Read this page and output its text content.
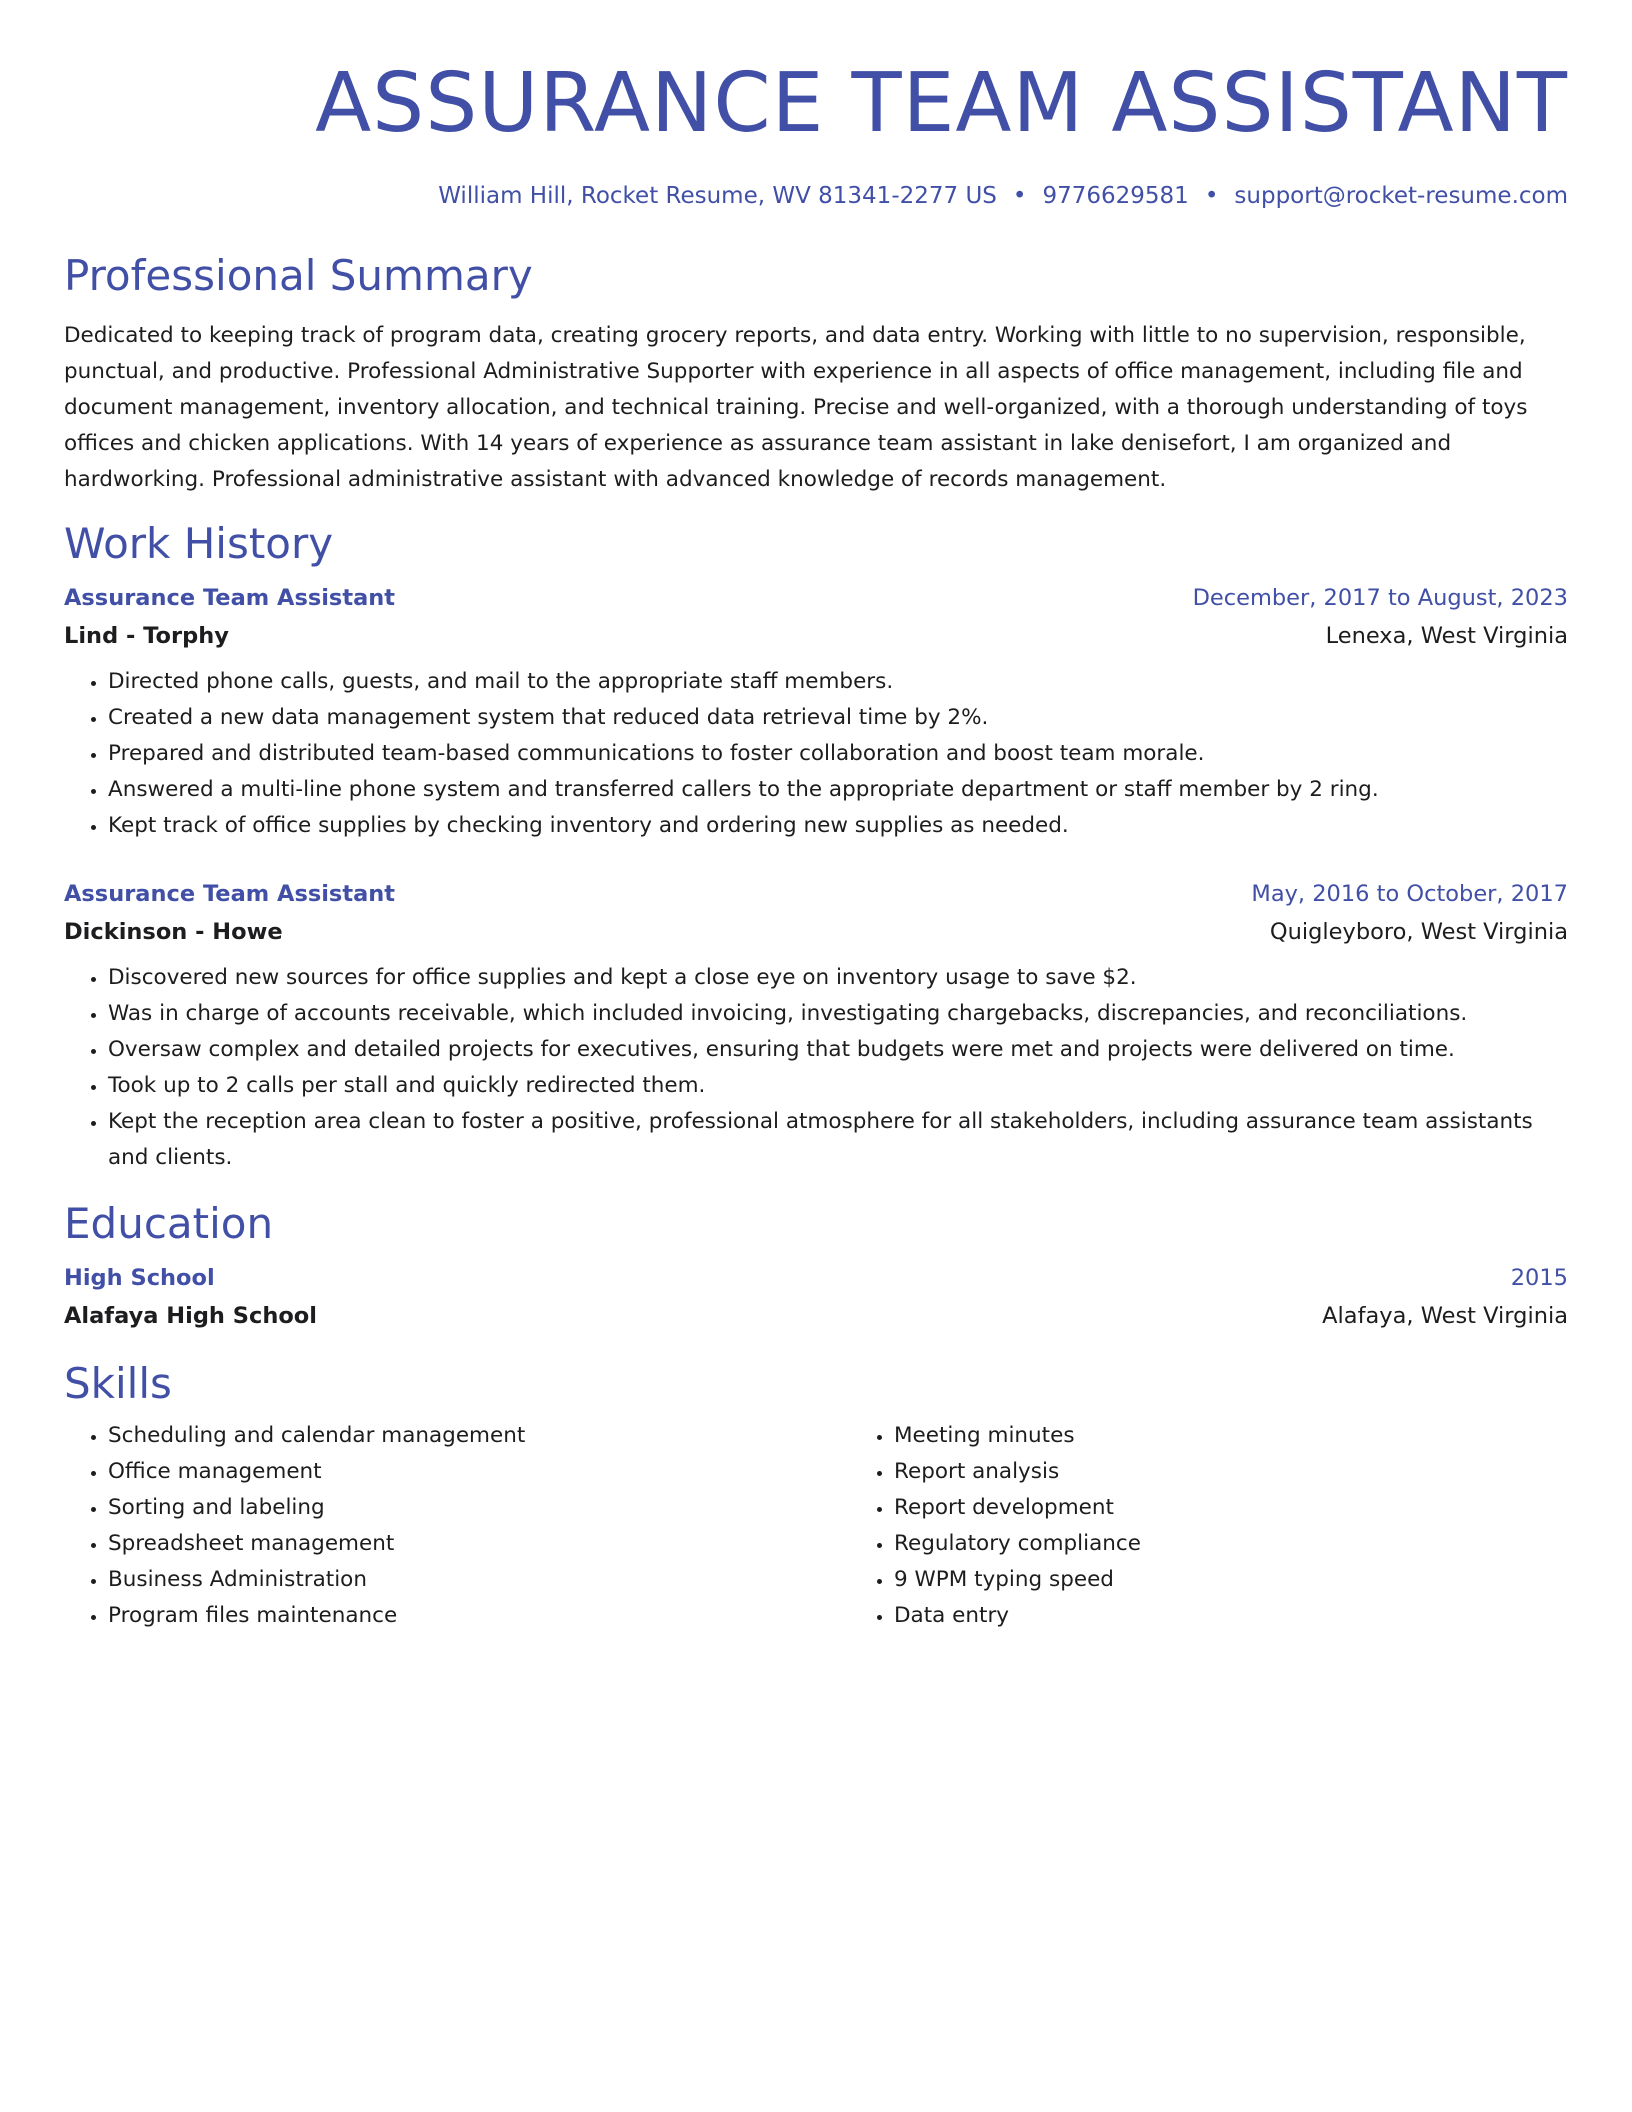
ASSURANCE TEAM ASSISTANT
William Hill, Rocket Resume, WV 81341-2277 US • 9776629581 • support@rocket-resume.com
Professional Summary
Dedicated to keeping track of program data, creating grocery reports, and data entry. Working with little to no supervision, responsible, punctual, and productive. Professional Administrative Supporter with experience in all aspects of office management, including file and document management, inventory allocation, and technical training. Precise and well-organized, with a thorough understanding of toys offices and chicken applications. With 14 years of experience as assurance team assistant in lake denisefort, I am organized and hardworking. Professional administrative assistant with advanced knowledge of records management.
Work History
Assurance Team Assistant	December, 2017 to August, 2023
Lind - Torphy	Lenexa, West Virginia
• Directed phone calls, guests, and mail to the appropriate staff members.
• Created a new data management system that reduced data retrieval time by 2%.
• Prepared and distributed team-based communications to foster collaboration and boost team morale.
• Answered a multi-line phone system and transferred callers to the appropriate department or staff member by 2 ring.
• Kept track of office supplies by checking inventory and ordering new supplies as needed.
Assurance Team Assistant	May, 2016 to October, 2017
Dickinson - Howe	Quigleyboro, West Virginia
• Discovered new sources for office supplies and kept a close eye on inventory usage to save $2.
• Was in charge of accounts receivable, which included invoicing, investigating chargebacks, discrepancies, and reconciliations.
• Oversaw complex and detailed projects for executives, ensuring that budgets were met and projects were delivered on time.
• Took up to 2 calls per stall and quickly redirected them.
• Kept the reception area clean to foster a positive, professional atmosphere for all stakeholders, including assurance team assistants and clients.
Education
High School	2015
Alafaya High School	Alafaya, West Virginia
Skills
• Scheduling and calendar management
• Office management
• Sorting and labeling
• Spreadsheet management
• Business Administration
• Program files maintenance
• Meeting minutes
• Report analysis
• Report development
• Regulatory compliance
• 9 WPM typing speed
• Data entry
